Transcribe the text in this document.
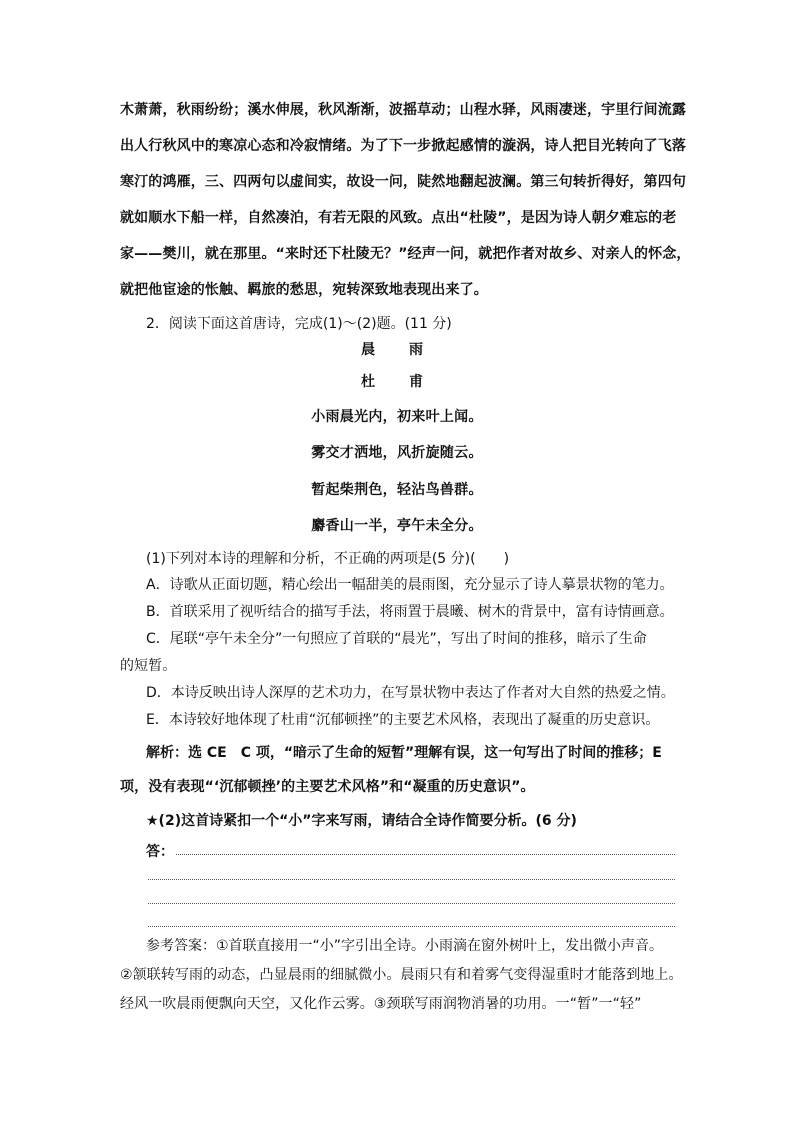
木萧萧，秋雨纷纷；溪水伸展，秋风渐渐，波摇草动；山程水驿，风雨凄迷，宇里行间流露
出人行秋风中的寒凉心态和冷寂情绪。为了下一步掀起感情的漩涡，诗人把目光转向了飞落
寒汀的鸿雁，三、四两句以虚间实，故设一问，陡然地翻起波澜。第三句转折得好，第四句
就如顺水下船一样，自然凑泊，有若无限的风致。点出“杜陵”，是因为诗人朝夕难忘的老
家——樊川，就在那里。“来时还下杜陵无？”经声一问，就把作者对故乡、对亲人的怀念，
就把他宦途的怅触、羁旅的愁思，宛转深致地表现出来了。
2．阅读下面这首唐诗，完成(1)～(2)题。(11 分)
晨　雨
杜　甫
小雨晨光内，初来叶上闻。
雾交才洒地，风折旋随云。
暂起柴荆色，轻沾鸟兽群。
麝香山一半，亭午未全分。
(1)下列对本诗的理解和分析，不正确的两项是(5 分)(　　)
A．诗歌从正面切题，精心绘出一幅甜美的晨雨图，充分显示了诗人摹景状物的笔力。
B．首联采用了视听结合的描写手法，将雨置于晨曦、树木的背景中，富有诗情画意。
C．尾联“亭午未全分”一句照应了首联的“晨光”，写出了时间的推移，暗示了生命
的短暂。
D．本诗反映出诗人深厚的艺术功力，在写景状物中表达了作者对大自然的热爱之情。
E．本诗较好地体现了杜甫“沉郁顿挫”的主要艺术风格，表现出了凝重的历史意识。
解析：选 CE　C 项，“暗示了生命的短暂”理解有误，这一句写出了时间的推移；E
项，没有表现“‘沉郁顿挫’的主要艺术风格”和“凝重的历史意识”。
★(2)这首诗紧扣一个“小”字来写雨，请结合全诗作简要分析。(6 分)
答：
参考答案：①首联直接用一“小”字引出全诗。小雨滴在窗外树叶上，发出微小声音。
②颔联转写雨的动态，凸显晨雨的细腻微小。晨雨只有和着雾气变得湿重时才能落到地上。
经风一吹晨雨便飘向天空，又化作云雾。③颈联写雨润物消暑的功用。一“暂”一“轻”
